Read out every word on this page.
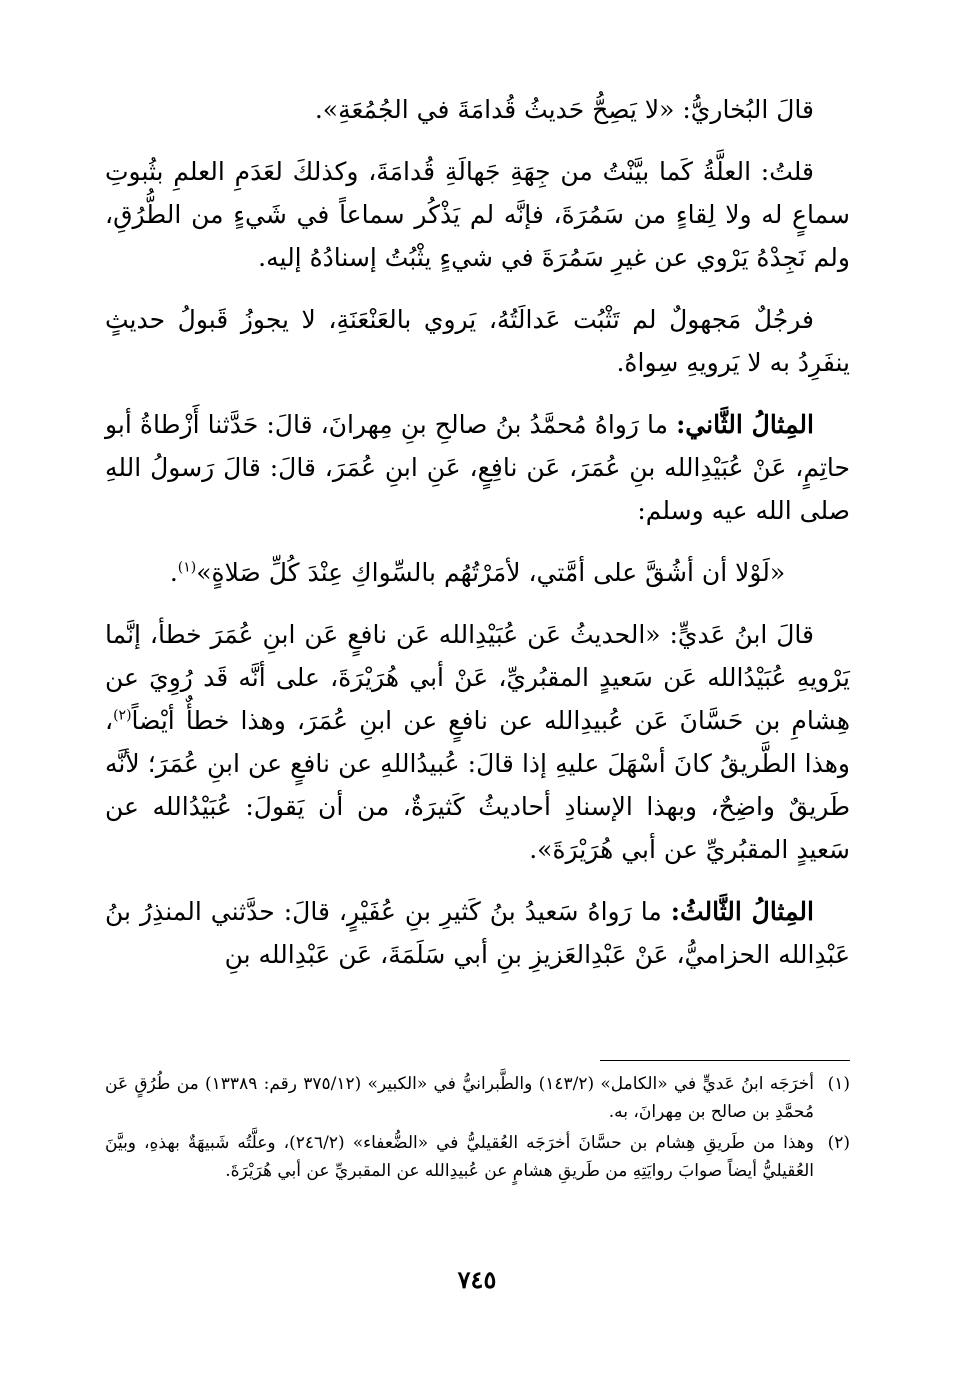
قالَ البُخاريُّ: «لا يَصِحُّ حَديثُ قُدامَةَ في الجُمُعَةِ».

قلتُ: العلَّةُ كَما بيَّنْتُ من جِهَةِ جَهالَةِ قُدامَةَ، وكذلكَ لعَدَمِ العلمِ بثُبوتِ سماعٍ له ولا لِقاءٍ من سَمُرَةَ، فإنَّه لم يَذْكُر سماعاً في شَيءٍ من الطُّرُقِ، ولم نَجِدْهُ يَرْوي عن غيرِ سَمُرَةَ في شيءٍ يثْبُتُ إسنادُهُ إليه.

فرجُلٌ مَجهولٌ لم تَثْبُت عَدالَتُهُ، يَروي بالعَنْعَنَةِ، لا يجوزُ قَبولُ حديثٍ ينفَرِدُ به لا يَرويهِ سِواهُ.

المِثالُ الثَّاني: ما رَواهُ مُحمَّدُ بنُ صالحِ بنِ مِهرانَ، قالَ: حَدَّثنا أَزْطاةُ أبو حاتِمٍ، عَنْ عُبَيْدِالله بنِ عُمَرَ، عَن نافِعٍ، عَنِ ابنِ عُمَرَ، قالَ: قالَ رَسولُ اللهِ صلى الله عيه وسلم:

«لَوْلا أن أشُقَّ على أمَّتي، لأمَرْتُهُم بالسِّواكِ عِنْدَ كُلِّ صَلاةٍ»$^{(١)}$.

قالَ ابنُ عَديٍّ: «الحديثُ عَن عُبَيْدِالله عَن نافعٍ عَن ابنِ عُمَرَ خطأ، إنَّما يَرْويهِ عُبَيْدُالله عَن سَعيدٍ المقبُريِّ، عَنْ أبي هُرَيْرَةَ، على أنَّه قَد رُوِيَ عن هِشامِ بن حَسَّانَ عَن عُبيدِالله عن نافعٍ عن ابنِ عُمَرَ، وهذا خطأٌ أيْضاً$^{(٢)}$، وهذا الطَّريقُ كانَ أسْهَلَ عليهِ إذا قالَ: عُبيدُاللهِ عن نافعٍ عن ابنِ عُمَرَ؛ لأنَّه طَريقٌ واضِحٌ، وبهذا الإسنادِ أحاديثُ كَثيرَةٌ، من أن يَقولَ: عُبَيْدُالله عن سَعيدٍ المقبُريِّ عن أبي هُرَيْرَةَ».

المِثالُ الثَّالثُ: ما رَواهُ سَعيدُ بنُ كَثيرِ بنِ عُفَيْرٍ، قالَ: حدَّثني المنذِرُ بنُ عَبْدِالله الحزاميُّ، عَنْ عَبْدِالعَزيزِ بنِ أبي سَلَمَةَ، عَن عَبْدِالله بنِ

(١)
أخرَجَه ابنُ عَديٍّ في «الكامل» (١٤٣/٢) والطَّبرانيُّ في «الكبير» (٣٧٥/١٢ رقم: ١٣٣٨٩) من طُرُقٍ عَن مُحمَّدِ بن صالح بن مِهرانَ، به.
(٢)
وهذا من طَريقِ هِشام بن حسَّانَ أخرَجَه العُقيليُّ في «الضُّعفاء» (٢٤٦/٢)، وعلَّتُه شَبيهَةٌ بهذهِ، وبيَّنَ العُقيليُّ أيضاً صوابَ روايَتِهِ من طَريقِ هشامٍ عن عُبيدِالله عن المقبريِّ عن أبي هُرَيْرَةَ.
٧٤٥
